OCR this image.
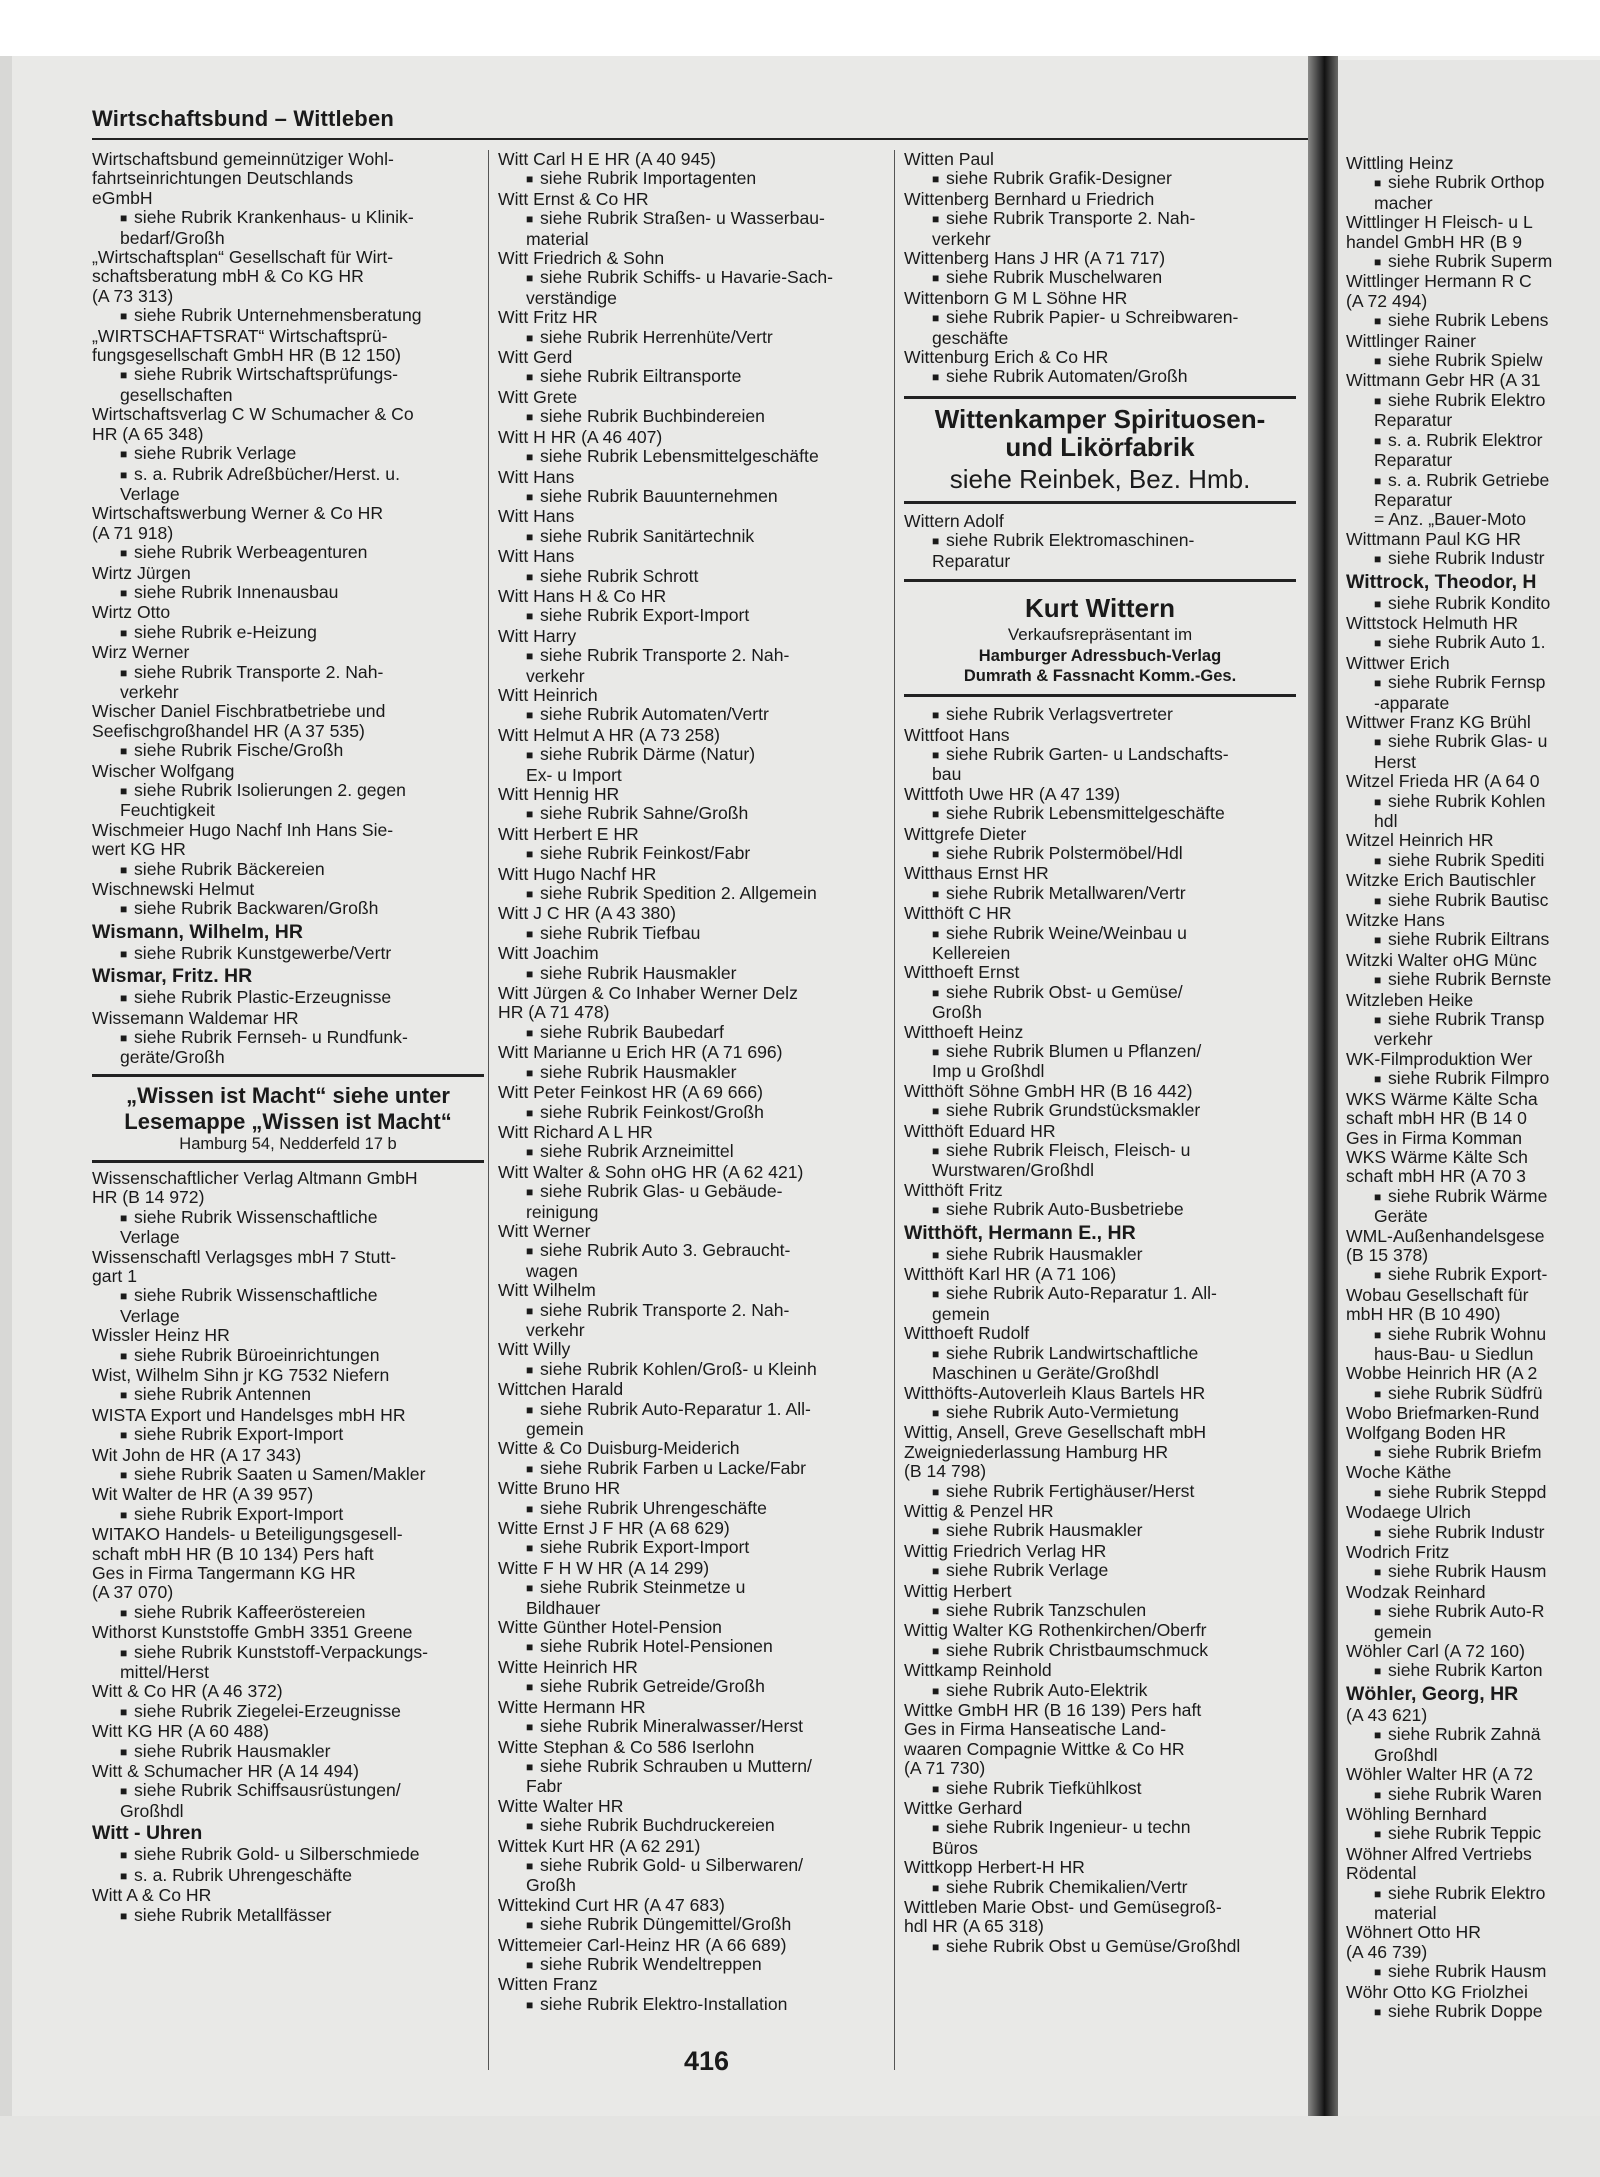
Wirtschaftsbund – Wittleben

Wirtschaftsbund gemeinnütziger Wohl-

fahrtseinrichtungen Deutschlands

eGmbH

■ siehe Rubrik Krankenhaus- u Klinik-

bedarf/Großh

„Wirtschaftsplan“ Gesellschaft für Wirt-

schaftsberatung mbH & Co KG HR

(A 73 313)

■ siehe Rubrik Unternehmensberatung

„WIRTSCHAFTSRAT“ Wirtschaftsprü-

fungsgesellschaft GmbH HR (B 12 150)

■ siehe Rubrik Wirtschaftsprüfungs-

gesellschaften

Wirtschaftsverlag C W Schumacher & Co

HR (A 65 348)

■ siehe Rubrik Verlage

■ s. a. Rubrik Adreßbücher/Herst. u.

Verlage

Wirtschaftswerbung Werner & Co HR

(A 71 918)

■ siehe Rubrik Werbeagenturen

Wirtz Jürgen

■ siehe Rubrik Innenausbau

Wirtz Otto

■ siehe Rubrik e-Heizung

Wirz Werner

■ siehe Rubrik Transporte 2. Nah-

verkehr

Wischer Daniel Fischbratbetriebe und

Seefischgroßhandel HR (A 37 535)

■ siehe Rubrik Fische/Großh

Wischer Wolfgang

■ siehe Rubrik Isolierungen 2. gegen

Feuchtigkeit

Wischmeier Hugo Nachf Inh Hans Sie-

wert KG HR

■ siehe Rubrik Bäckereien

Wischnewski Helmut

■ siehe Rubrik Backwaren/Großh

Wismann, Wilhelm, HR

■ siehe Rubrik Kunstgewerbe/Vertr

Wismar, Fritz. HR

■ siehe Rubrik Plastic-Erzeugnisse

Wissemann Waldemar HR

■ siehe Rubrik Fernseh- u Rundfunk-

geräte/Großh

„Wissen ist Macht“ siehe unter
Lesemappe „Wissen ist Macht“
Hamburg 54, Nedderfeld 17 b

Wissenschaftlicher Verlag Altmann GmbH

HR (B 14 972)

■ siehe Rubrik Wissenschaftliche

Verlage

Wissenschaftl Verlagsges mbH 7 Stutt-

gart 1

■ siehe Rubrik Wissenschaftliche

Verlage

Wissler Heinz HR

■ siehe Rubrik Büroeinrichtungen

Wist, Wilhelm Sihn jr KG 7532 Niefern

■ siehe Rubrik Antennen

WISTA Export und Handelsges mbH HR

■ siehe Rubrik Export-Import

Wit John de HR (A 17 343)

■ siehe Rubrik Saaten u Samen/Makler

Wit Walter de HR (A 39 957)

■ siehe Rubrik Export-Import

WITAKO Handels- u Beteiligungsgesell-

schaft mbH HR (B 10 134) Pers haft

Ges in Firma Tangermann KG HR

(A 37 070)

■ siehe Rubrik Kaffeeröstereien

Withorst Kunststoffe GmbH 3351 Greene

■ siehe Rubrik Kunststoff-Verpackungs-

mittel/Herst

Witt & Co HR (A 46 372)

■ siehe Rubrik Ziegelei-Erzeugnisse

Witt KG HR (A 60 488)

■ siehe Rubrik Hausmakler

Witt & Schumacher HR (A 14 494)

■ siehe Rubrik Schiffsausrüstungen/

Großhdl

Witt - Uhren

■ siehe Rubrik Gold- u Silberschmiede

■ s. a. Rubrik Uhrengeschäfte

Witt A & Co HR

■ siehe Rubrik Metallfässer

Witt Carl H E HR (A 40 945)

■ siehe Rubrik Importagenten

Witt Ernst & Co HR

■ siehe Rubrik Straßen- u Wasserbau-

material

Witt Friedrich & Sohn

■ siehe Rubrik Schiffs- u Havarie-Sach-

verständige

Witt Fritz HR

■ siehe Rubrik Herrenhüte/Vertr

Witt Gerd

■ siehe Rubrik Eiltransporte

Witt Grete

■ siehe Rubrik Buchbindereien

Witt H HR (A 46 407)

■ siehe Rubrik Lebensmittelgeschäfte

Witt Hans

■ siehe Rubrik Bauunternehmen

Witt Hans

■ siehe Rubrik Sanitärtechnik

Witt Hans

■ siehe Rubrik Schrott

Witt Hans H & Co HR

■ siehe Rubrik Export-Import

Witt Harry

■ siehe Rubrik Transporte 2. Nah-

verkehr

Witt Heinrich

■ siehe Rubrik Automaten/Vertr

Witt Helmut A HR (A 73 258)

■ siehe Rubrik Därme (Natur)

Ex- u Import

Witt Hennig HR

■ siehe Rubrik Sahne/Großh

Witt Herbert E HR

■ siehe Rubrik Feinkost/Fabr

Witt Hugo Nachf HR

■ siehe Rubrik Spedition 2. Allgemein

Witt J C HR (A 43 380)

■ siehe Rubrik Tiefbau

Witt Joachim

■ siehe Rubrik Hausmakler

Witt Jürgen & Co Inhaber Werner Delz

HR (A 71 478)

■ siehe Rubrik Baubedarf

Witt Marianne u Erich HR (A 71 696)

■ siehe Rubrik Hausmakler

Witt Peter Feinkost HR (A 69 666)

■ siehe Rubrik Feinkost/Großh

Witt Richard A L HR

■ siehe Rubrik Arzneimittel

Witt Walter & Sohn oHG HR (A 62 421)

■ siehe Rubrik Glas- u Gebäude-

reinigung

Witt Werner

■ siehe Rubrik Auto 3. Gebraucht-

wagen

Witt Wilhelm

■ siehe Rubrik Transporte 2. Nah-

verkehr

Witt Willy

■ siehe Rubrik Kohlen/Groß- u Kleinh

Wittchen Harald

■ siehe Rubrik Auto-Reparatur 1. All-

gemein

Witte & Co Duisburg-Meiderich

■ siehe Rubrik Farben u Lacke/Fabr

Witte Bruno HR

■ siehe Rubrik Uhrengeschäfte

Witte Ernst J F HR (A 68 629)

■ siehe Rubrik Export-Import

Witte F H W HR (A 14 299)

■ siehe Rubrik Steinmetze u

Bildhauer

Witte Günther Hotel-Pension

■ siehe Rubrik Hotel-Pensionen

Witte Heinrich HR

■ siehe Rubrik Getreide/Großh

Witte Hermann HR

■ siehe Rubrik Mineralwasser/Herst

Witte Stephan & Co 586 Iserlohn

■ siehe Rubrik Schrauben u Muttern/

Fabr

Witte Walter HR

■ siehe Rubrik Buchdruckereien

Wittek Kurt HR (A 62 291)

■ siehe Rubrik Gold- u Silberwaren/

Großh

Wittekind Curt HR (A 47 683)

■ siehe Rubrik Düngemittel/Großh

Wittemeier Carl-Heinz HR (A 66 689)

■ siehe Rubrik Wendeltreppen

Witten Franz

■ siehe Rubrik Elektro-Installation

Witten Paul

■ siehe Rubrik Grafik-Designer

Wittenberg Bernhard u Friedrich

■ siehe Rubrik Transporte 2. Nah-

verkehr

Wittenberg Hans J HR (A 71 717)

■ siehe Rubrik Muschelwaren

Wittenborn G M L Söhne HR

■ siehe Rubrik Papier- u Schreibwaren-

geschäfte

Wittenburg Erich & Co HR

■ siehe Rubrik Automaten/Großh

Wittenkamper Spirituosen-
und Likörfabrik
siehe Reinbek, Bez. Hmb.

Wittern Adolf

■ siehe Rubrik Elektromaschinen-

Reparatur

Kurt Wittern
Verkaufsrepräsentant im
Hamburger Adressbuch-Verlag
Dumrath & Fassnacht Komm.-Ges.

■ siehe Rubrik Verlagsvertreter

Wittfoot Hans

■ siehe Rubrik Garten- u Landschafts-

bau

Wittfoth Uwe HR (A 47 139)

■ siehe Rubrik Lebensmittelgeschäfte

Wittgrefe Dieter

■ siehe Rubrik Polstermöbel/Hdl

Witthaus Ernst HR

■ siehe Rubrik Metallwaren/Vertr

Witthöft C HR

■ siehe Rubrik Weine/Weinbau u

Kellereien

Witthoeft Ernst

■ siehe Rubrik Obst- u Gemüse/

Großh

Witthoeft Heinz

■ siehe Rubrik Blumen u Pflanzen/

Imp u Großhdl

Witthöft Söhne GmbH HR (B 16 442)

■ siehe Rubrik Grundstücksmakler

Witthöft Eduard HR

■ siehe Rubrik Fleisch, Fleisch- u

Wurstwaren/Großhdl

Witthöft Fritz

■ siehe Rubrik Auto-Busbetriebe

Witthöft, Hermann E., HR

■ siehe Rubrik Hausmakler

Witthöft Karl HR (A 71 106)

■ siehe Rubrik Auto-Reparatur 1. All-

gemein

Witthoeft Rudolf

■ siehe Rubrik Landwirtschaftliche

Maschinen u Geräte/Großhdl

Witthöfts-Autoverleih Klaus Bartels HR

■ siehe Rubrik Auto-Vermietung

Wittig, Ansell, Greve Gesellschaft mbH

Zweigniederlassung Hamburg HR

(B 14 798)

■ siehe Rubrik Fertighäuser/Herst

Wittig & Penzel HR

■ siehe Rubrik Hausmakler

Wittig Friedrich Verlag HR

■ siehe Rubrik Verlage

Wittig Herbert

■ siehe Rubrik Tanzschulen

Wittig Walter KG Rothenkirchen/Oberfr

■ siehe Rubrik Christbaumschmuck

Wittkamp Reinhold

■ siehe Rubrik Auto-Elektrik

Wittke GmbH HR (B 16 139) Pers haft

Ges in Firma Hanseatische Land-

waaren Compagnie Wittke & Co HR

(A 71 730)

■ siehe Rubrik Tiefkühlkost

Wittke Gerhard

■ siehe Rubrik Ingenieur- u techn

Büros

Wittkopp Herbert-H HR

■ siehe Rubrik Chemikalien/Vertr

Wittleben Marie Obst- und Gemüsegroß-

hdl HR (A 65 318)

■ siehe Rubrik Obst u Gemüse/Großhdl

416

Wittling Heinz

■ siehe Rubrik Orthop

macher

Wittlinger H Fleisch- u L

handel GmbH HR (B 9

■ siehe Rubrik Superm

Wittlinger Hermann R C

(A 72 494)

■ siehe Rubrik Lebens

Wittlinger Rainer

■ siehe Rubrik Spielw

Wittmann Gebr HR (A 31

■ siehe Rubrik Elektro

Reparatur

■ s. a. Rubrik Elektror

Reparatur

■ s. a. Rubrik Getriebe

Reparatur

= Anz. „Bauer-Moto

Wittmann Paul KG HR

■ siehe Rubrik Industr

Wittrock, Theodor, H

■ siehe Rubrik Kondito

Wittstock Helmuth HR

■ siehe Rubrik Auto 1.

Wittwer Erich

■ siehe Rubrik Fernsp

-apparate

Wittwer Franz KG Brühl

■ siehe Rubrik Glas- u

Herst

Witzel Frieda HR (A 64 0

■ siehe Rubrik Kohlen

hdl

Witzel Heinrich HR

■ siehe Rubrik Spediti

Witzke Erich Bautischler

■ siehe Rubrik Bautisc

Witzke Hans

■ siehe Rubrik Eiltrans

Witzki Walter oHG Münc

■ siehe Rubrik Bernste

Witzleben Heike

■ siehe Rubrik Transp

verkehr

WK-Filmproduktion Wer

■ siehe Rubrik Filmpro

WKS Wärme Kälte Scha

schaft mbH HR (B 14 0

Ges in Firma Komman

WKS Wärme Kälte Sch

schaft mbH HR (A 70 3

■ siehe Rubrik Wärme

Geräte

WML-Außenhandelsgese

(B 15 378)

■ siehe Rubrik Export-

Wobau Gesellschaft für

mbH HR (B 10 490)

■ siehe Rubrik Wohnu

haus-Bau- u Siedlun

Wobbe Heinrich HR (A 2

■ siehe Rubrik Südfrü

Wobo Briefmarken-Rund

Wolfgang Boden HR

■ siehe Rubrik Briefm

Woche Käthe

■ siehe Rubrik Steppd

Wodaege Ulrich

■ siehe Rubrik Industr

Wodrich Fritz

■ siehe Rubrik Hausm

Wodzak Reinhard

■ siehe Rubrik Auto-R

gemein

Wöhler Carl (A 72 160)

■ siehe Rubrik Karton

Wöhler, Georg, HR

(A 43 621)

■ siehe Rubrik Zahnä

Großhdl

Wöhler Walter HR (A 72

■ siehe Rubrik Waren

Wöhling Bernhard

■ siehe Rubrik Teppic

Wöhner Alfred Vertriebs

Rödental

■ siehe Rubrik Elektro

material

Wöhnert Otto HR

(A 46 739)

■ siehe Rubrik Hausm

Wöhr Otto KG Friolzhei

■ siehe Rubrik Doppe
